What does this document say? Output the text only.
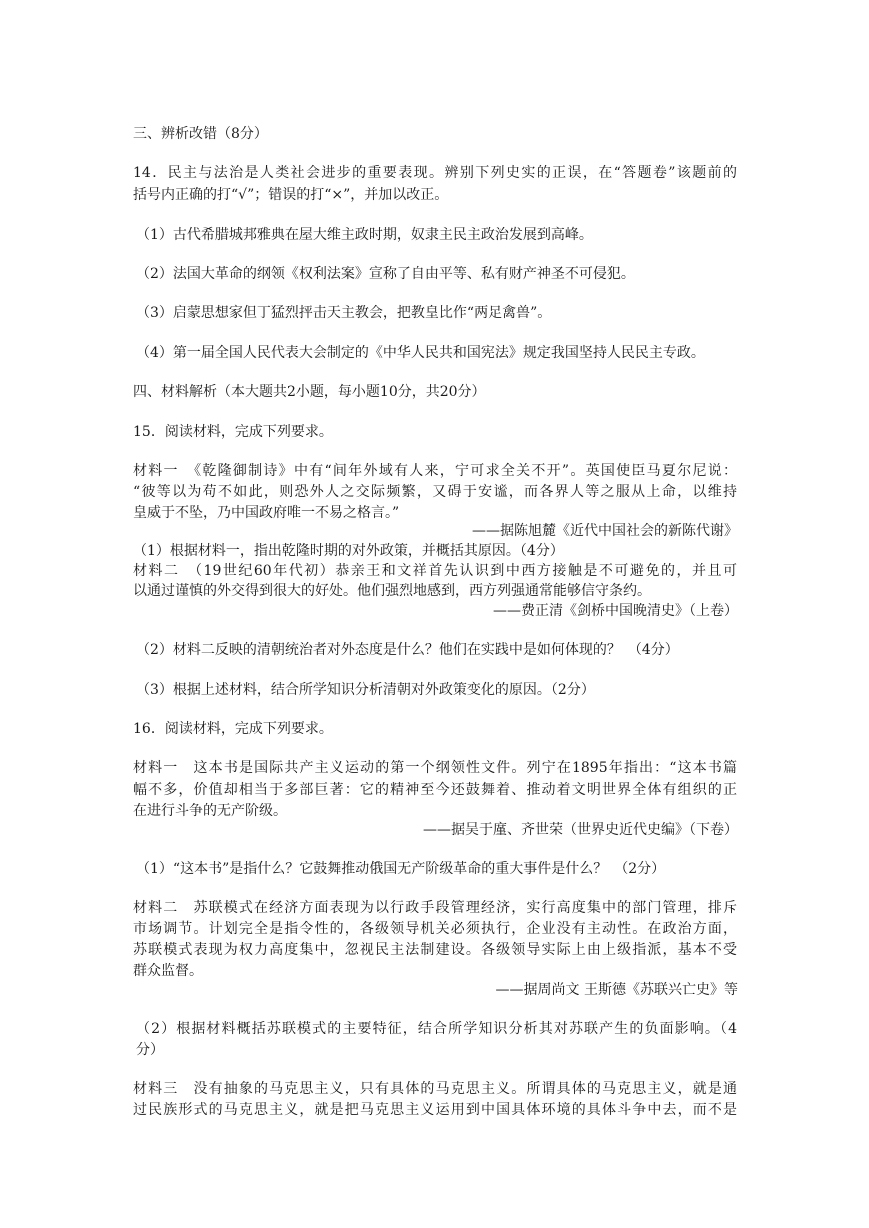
三、辨析改错（8分）
14．民主与法治是人类社会进步的重要表现。辨别下列史实的正误，在“答题卷”该题前的
括号内正确的打“√”；错误的打“×”，并加以改正。
（1）古代希腊城邦雅典在屋大维主政时期，奴隶主民主政治发展到高峰。
（2）法国大革命的纲领《权利法案》宣称了自由平等、私有财产神圣不可侵犯。
（3）启蒙思想家但丁猛烈抨击天主教会，把教皇比作“两足禽兽”。
（4）第一届全国人民代表大会制定的《中华人民共和国宪法》规定我国坚持人民民主专政。
四、材料解析（本大题共2小题，每小题10分，共20分）
15．阅读材料，完成下列要求。
材料一　《乾隆御制诗》中有“间年外域有人来，宁可求全关不开”。英国使臣马夏尔尼说：
“彼等以为苟不如此，则恐外人之交际频繁，又碍于安谧，而各界人等之服从上命，以维持
皇威于不坠，乃中国政府唯一不易之格言。”
——据陈旭麓《近代中国社会的新陈代谢》
（1）根据材料一，指出乾隆时期的对外政策，并概括其原因。（4分）
材料二　（19世纪60年代初）恭亲王和文祥首先认识到中西方接触是不可避免的，并且可
以通过谨慎的外交得到很大的好处。他们强烈地感到，西方列强通常能够信守条约。
——费正清《剑桥中国晚清史》（上卷）
（2）材料二反映的清朝统治者对外态度是什么？他们在实践中是如何体现的？　（4分）
（3）根据上述材料，结合所学知识分析清朝对外政策变化的原因。（2分）
16．阅读材料，完成下列要求。
材料一　这本书是国际共产主义运动的第一个纲领性文件。列宁在1895年指出：“这本书篇
幅不多，价值却相当于多部巨著：它的精神至今还鼓舞着、推动着文明世界全体有组织的正
在进行斗争的无产阶级。
——据吴于廑、齐世荣（世界史近代史编》（下卷）
（1）“这本书”是指什么？它鼓舞推动俄国无产阶级革命的重大事件是什么？　（2分）
材料二　苏联模式在经济方面表现为以行政手段管理经济，实行高度集中的部门管理，排斥
市场调节。计划完全是指令性的，各级领导机关必须执行，企业没有主动性。在政治方面，
苏联模式表现为权力高度集中，忽视民主法制建设。各级领导实际上由上级指派，基本不受
群众监督。
——据周尚文 王斯德《苏联兴亡史》等
（2）根据材料概括苏联模式的主要特征，结合所学知识分析其对苏联产生的负面影响。（4
分）
材料三　没有抽象的马克思主义，只有具体的马克思主义。所谓具体的马克思主义，就是通
过民族形式的马克思主义，就是把马克思主义运用到中国具体环境的具体斗争中去，而不是
